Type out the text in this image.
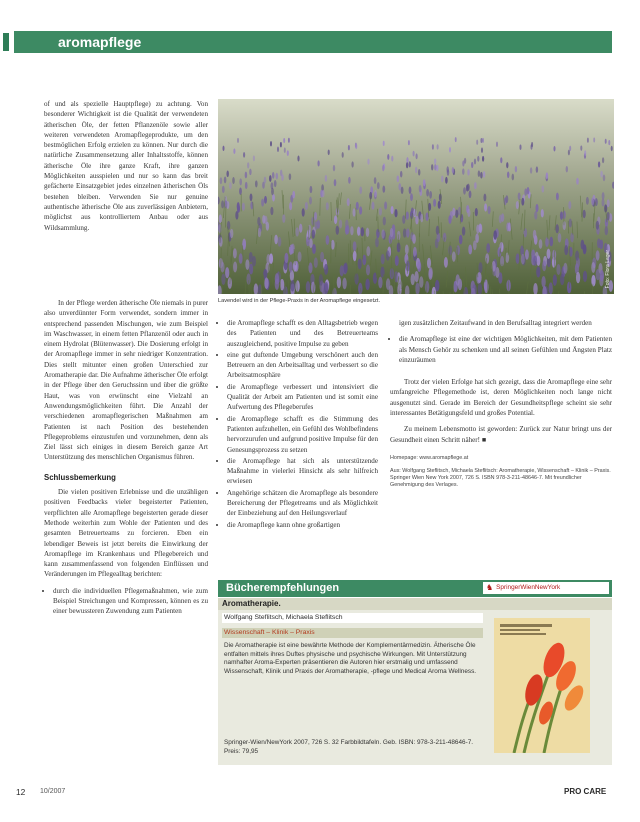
aromapflege

of und als spezielle Hauptpflege) zu achtung. Von besonderer Wichtigkeit ist die Qualität der verwendeten ätherischen Öle, der fetten Pflanzenöle sowie aller weiteren verwendeten Aromapflegeprodukte, um den bestmöglichen Erfolg erzielen zu können. Nur durch die natürliche Zusammensetzung aller Inhaltsstoffe, können ätherische Öle ihre ganze Kraft, ihre ganzen Möglichkeiten ausspielen und nur so kann das breit gefächerte Einsatzgebiet jedes einzelnen ätherischen Öls bestehen bleiben. Verwenden Sie nur genuine authentische ätherische Öle aus zuverlässigen Anbietern, möglichst aus kontrolliertem Anbau oder aus Wildsammlung.

In der Pflege werden ätherische Öle niemals in purer also unverdünnter Form verwendet, sondern immer in entsprechend passenden Mischungen, wie zum Beispiel im Waschwasser, in einem fetten Pflanzenöl oder auch in einem Hydrolat (Blütenwasser). Die Dosierung erfolgt in der Aromapflege immer in sehr niedriger Konzentration. Dies stellt mitunter einen großen Unterschied zur Aromatherapie dar. Die Aufnahme ätherischer Öle erfolgt in der Pflege über den Geruchssinn und über die größte Haut, was von erwünscht eine Vielzahl an Anwendungsmöglichkeiten führt. Die Anzahl der verschiedenen aromapflegerischen Maßnahmen am Patienten ist nach Position des bestehenden Pflegeproblems einzustufen und vorzunehmen, denn als Ziel lässt sich einiges in diesem Bereich ganze Art Unterstützung des menschlichen Organismus führen.

Schlussbemerkung

Die vielen positiven Erlebnisse und die unzähligen positiven Feedbacks vieler begeisterter Patienten, verpflichten alle Aromapflege begeisterten gerade dieser Methode weiterhin zum Wohle der Patienten und des gesamten Betreuerteams zu forcieren. Eben ein lebendiger Beweis ist jetzt bereits die Einwirkung der Aromapflege im Krankenhaus und Pflegebereich und kann zusammenfassend von folgenden Einflüssen und Veränderungen im Pflegealltag berichten:

• durch die individuellen Pflegemaßnahmen, wie zum Beispiel Streichungen und Kompressen, können es zu einer bewussteren Zuwendung zum Patienten
Foto: Flora Lager
Lavendel wird in der Pflege-Praxis in der Aromapflege eingesetzt.
• die Aromapflege schafft es den Alltagsbetrieb wegen des Patienten und des Betreuerteams auszugleichend, positive Impulse zu geben
• eine gut duftende Umgebung verschönert auch den Betreuern an den Arbeitsalltag und verbessert so die Arbeitsatmosphäre
• die Aromapflege verbessert und intensiviert die Qualität der Arbeit am Patienten und ist somit eine Aufwertung des Pflegeberufes
• die Aromapflege schafft es die Stimmung des Patienten aufzuhellen, ein Gefühl des Wohlbefindens hervorzurufen und aufgrund positive Impulse für den Genesungsprozess zu setzen
• die Aromapflege hat sich als unterstützende Maßnahme in vielerlei Hinsicht als sehr hilfreich erwiesen
• Angehörige schätzen die Aromapflege als besondere Bereicherung der Pflegetreams und als Möglichkeit der Einbeziehung auf den Heilungsverlauf
• die Aromapflege kann ohne großartigen

igen zusätzlichen Zeitaufwand in den Berufsalltag integriert werden

• die Aromapflege ist eine der wichtigen Möglichkeiten, mit dem Patienten als Mensch Gehör zu schenken und all seinen Gefühlen und Ängsten Platz einzuräumen

Trotz der vielen Erfolge hat sich gezeigt, dass die Aromapflege eine sehr umfangreiche Pflegemethode ist, deren Möglichkeiten noch lange nicht ausgenutzt sind. Gerade im Bereich der Gesundheitspflege scheint sie sehr interessantes Betätigungsfeld und großes Potential.

Zu meinem Lebensmotto ist geworden: Zurück zur Natur bringt uns der Gesundheit einen Schritt näher! ■

Homepage: www.aromapflege.at

Aus: Wolfgang Steflitsch, Michaela Steflitsch: Aromatherapie, Wissenschaft – Klinik – Praxis. Springer Wien New York 2007, 726 S. ISBN 978-3-211-48646-7. Mit freundlicher Genehmigung des Verlages.

Bücherempfehlungen	♞ SpringerWienNewYork
Aromatherapie.
Wolfgang Steflitsch, Michaela Steflitsch
Wissenschaft – Klinik – Praxis
Die Aromatherapie ist eine bewährte Methode der Komplementärmedizin. Ätherische Öle entfalten mittels ihres Duftes physische und psychische Wirkungen. Mit Unterstützung namhafter Aroma-Experten präsentieren die Autoren hier erstmalig und umfassend Wissenschaft, Klinik und Praxis der Aromatherapie, -pflege und Medical Aroma Wellness.
Springer-Wien/NewYork 2007, 726 S. 32 Farbbildtafeln. Geb. ISBN: 978-3-211-48646-7. Preis: 79,95
12 10/2007	PRO CARE
